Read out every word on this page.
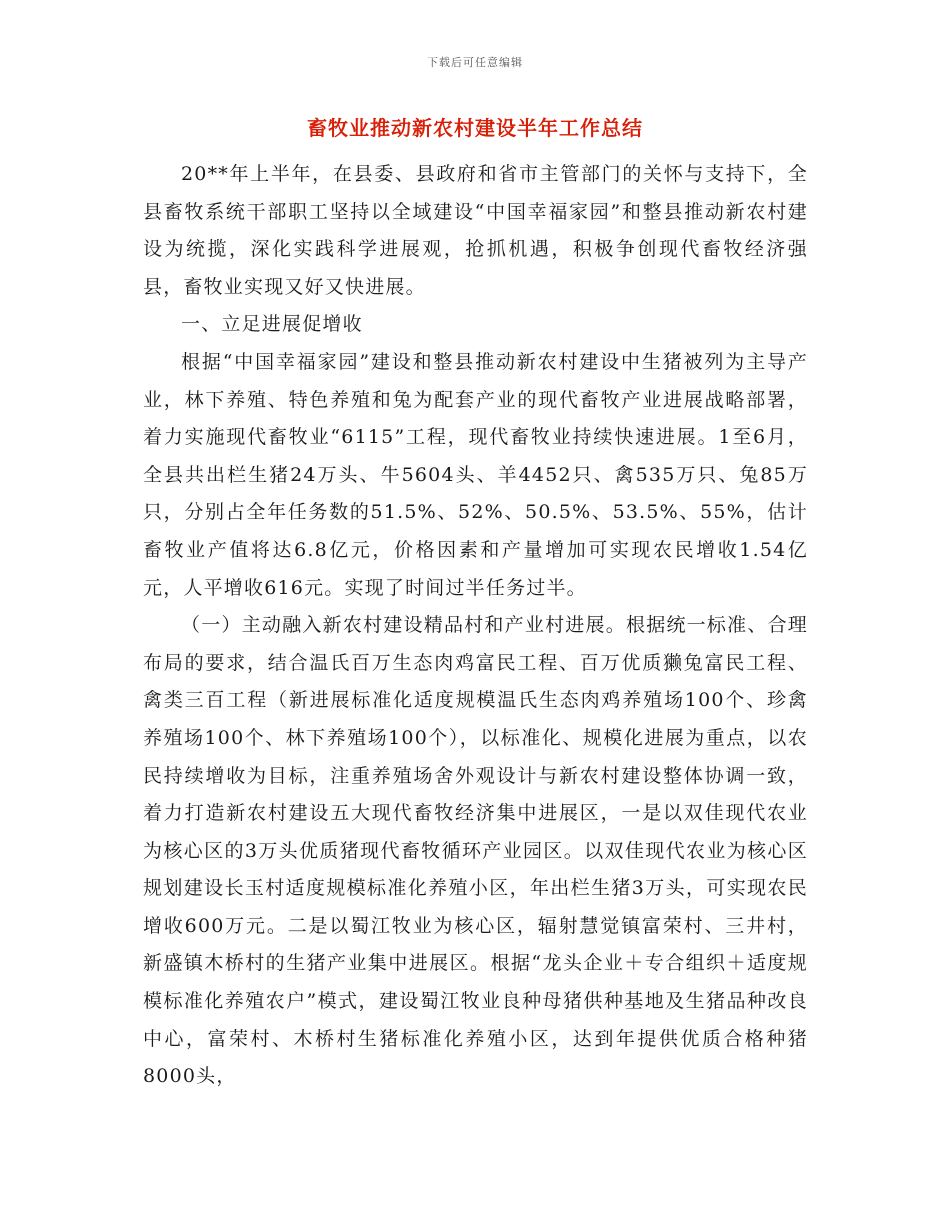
下载后可任意编辑
畜牧业推动新农村建设半年工作总结

20**年上半年，在县委、县政府和省市主管部门的关怀与支持下，全县畜牧系统干部职工坚持以全域建设“中国幸福家园”和整县推动新农村建设为统揽，深化实践科学进展观，抢抓机遇，积极争创现代畜牧经济强县，畜牧业实现又好又快进展。

一、立足进展促增收

根据“中国幸福家园”建设和整县推动新农村建设中生猪被列为主导产业，林下养殖、特色养殖和兔为配套产业的现代畜牧产业进展战略部署，着力实施现代畜牧业“6115”工程，现代畜牧业持续快速进展。1至6月，全县共出栏生猪24万头、牛5604头、羊4452只、禽535万只、兔85万只，分别占全年任务数的51.5%、52%、50.5%、53.5%、55%，估计畜牧业产值将达6.8亿元，价格因素和产量增加可实现农民增收1.54亿元，人平增收616元。实现了时间过半任务过半。

（一）主动融入新农村建设精品村和产业村进展。根据统一标准、合理布局的要求，结合温氏百万生态肉鸡富民工程、百万优质獭兔富民工程、禽类三百工程（新进展标准化适度规模温氏生态肉鸡养殖场100个、珍禽养殖场100个、林下养殖场100个），以标准化、规模化进展为重点，以农民持续增收为目标，注重养殖场舍外观设计与新农村建设整体协调一致，着力打造新农村建设五大现代畜牧经济集中进展区，一是以双佳现代农业为核心区的3万头优质猪现代畜牧循环产业园区。以双佳现代农业为核心区规划建设长玉村适度规模标准化养殖小区，年出栏生猪3万头，可实现农民增收600万元。二是以蜀江牧业为核心区，辐射慧觉镇富荣村、三井村，新盛镇木桥村的生猪产业集中进展区。根据“龙头企业＋专合组织＋适度规模标准化养殖农户”模式，建设蜀江牧业良种母猪供种基地及生猪品种改良中心，富荣村、木桥村生猪标准化养殖小区，达到年提供优质合格种猪8000头，
